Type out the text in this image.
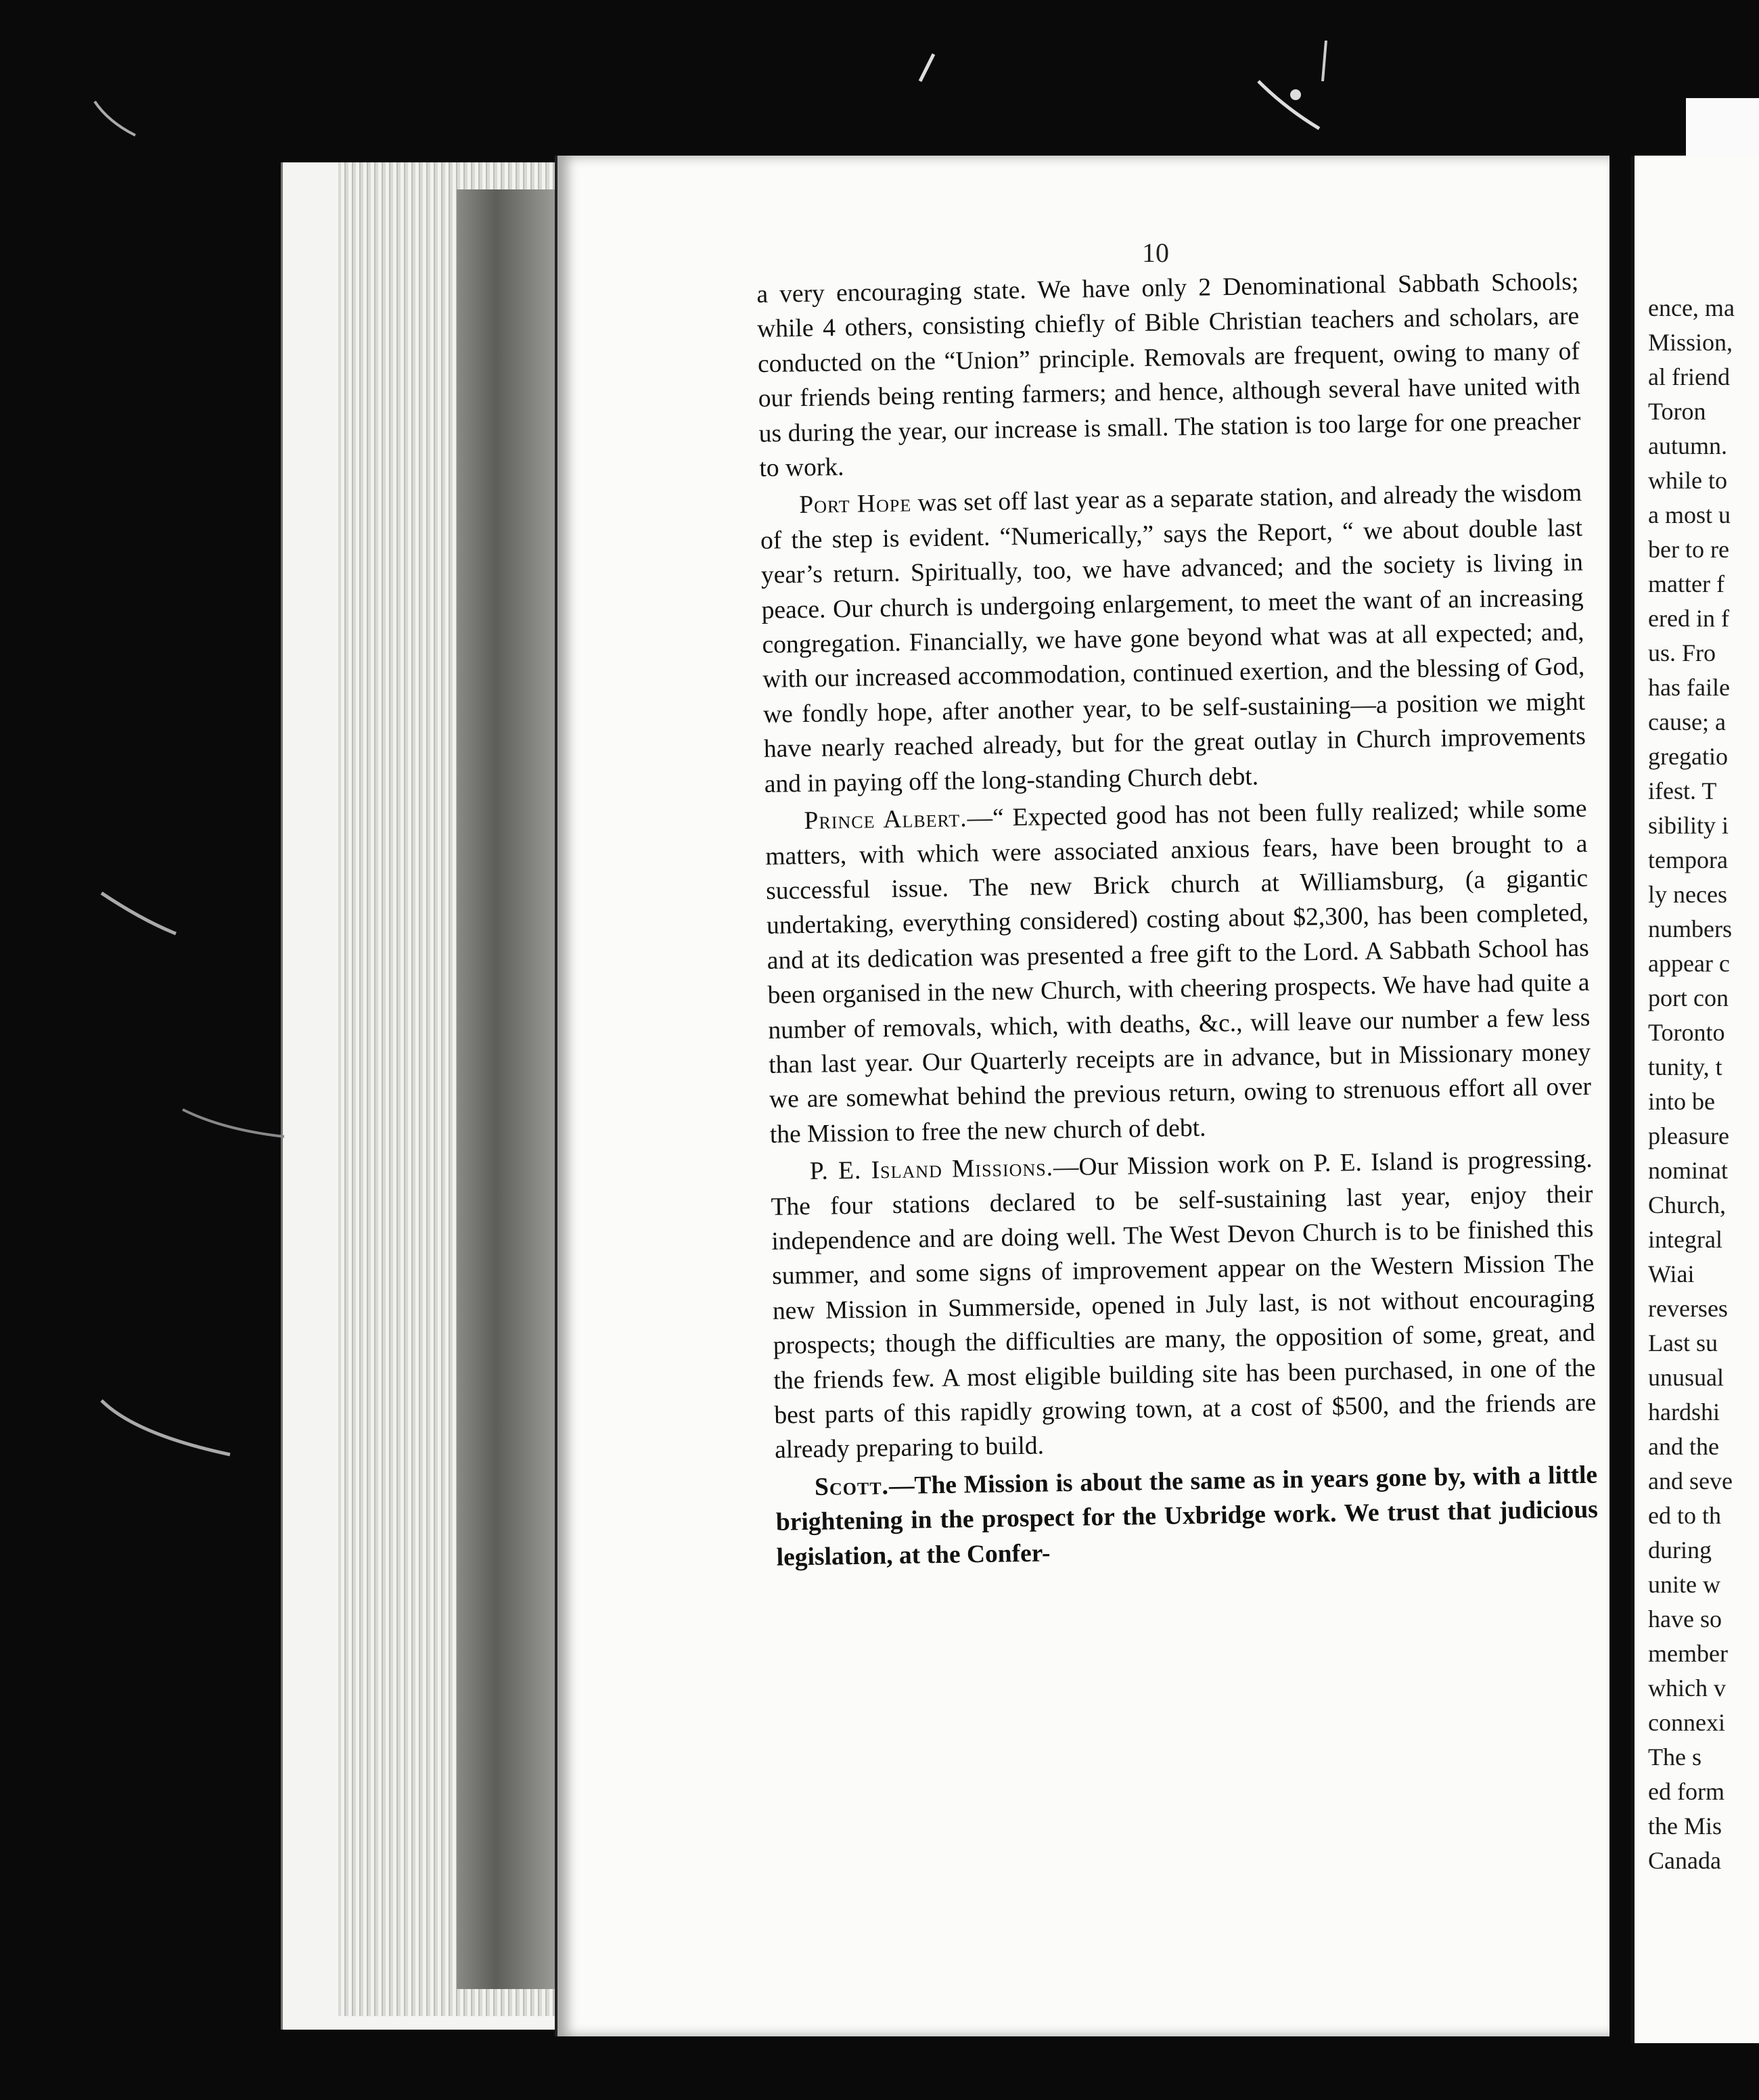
10

a very encouraging state. We have only 2 Denominational Sabbath Schools; while 4 others, consisting chiefly of Bible Christian teachers and scholars, are conducted on the “Union” principle. Removals are frequent, owing to many of our friends being renting farmers; and hence, although several have united with us during the year, our increase is small. The station is too large for one preacher to work.

Port Hope was set off last year as a separate station, and already the wisdom of the step is evident. “Numerically,” says the Report, “ we about double last year’s return. Spiritually, too, we have advanced; and the society is living in peace. Our church is undergoing enlargement, to meet the want of an increasing congregation. Financially, we have gone beyond what was at all expected; and, with our increased accommodation, continued exertion, and the blessing of God, we fondly hope, after another year, to be self-sustaining—a position we might have nearly reached already, but for the great outlay in Church improvements and in paying off the long-standing Church debt.

Prince Albert.—“ Expected good has not been fully realized; while some matters, with which were associated anxious fears, have been brought to a successful issue. The new Brick church at Williamsburg, (a gigantic undertaking, everything considered) costing about $2,300, has been completed, and at its dedication was presented a free gift to the Lord. A Sabbath School has been organised in the new Church, with cheering prospects. We have had quite a number of removals, which, with deaths, &c., will leave our number a few less than last year. Our Quarterly receipts are in advance, but in Missionary money we are somewhat behind the previous return, owing to strenuous effort all over the Mission to free the new church of debt.

P. E. Island Missions.—Our Mission work on P. E. Island is progressing. The four stations declared to be self-sustaining last year, enjoy their independence and are doing well. The West Devon Church is to be finished this summer, and some signs of improvement appear on the Western Mission The new Mission in Summerside, opened in July last, is not without encouraging prospects; though the difficulties are many, the opposition of some, great, and the friends few. A most eligible building site has been purchased, in one of the best parts of this rapidly growing town, at a cost of $500, and the friends are already preparing to build.

Scott.—The Mission is about the same as in years gone by, with a little brightening in the prospect for the Uxbridge work. We trust that judicious legislation, at the Confer-

ence, ma
Mission,
al friend
Toron
autumn.
while to
a most u
ber to re
matter f
ered in f
us. Fro
has faile
cause; a
gregatio
ifest. T
sibility i
tempora
ly neces
numbers
appear c
port con
Toronto
tunity, t
into be
pleasure
nominat
Church,
integral
Wiai
reverses
Last su
unusual
hardshi
and the
and seve
ed to th
during
unite w
have so
member
which v
connexi
The s
ed form
the Mis
Canada
